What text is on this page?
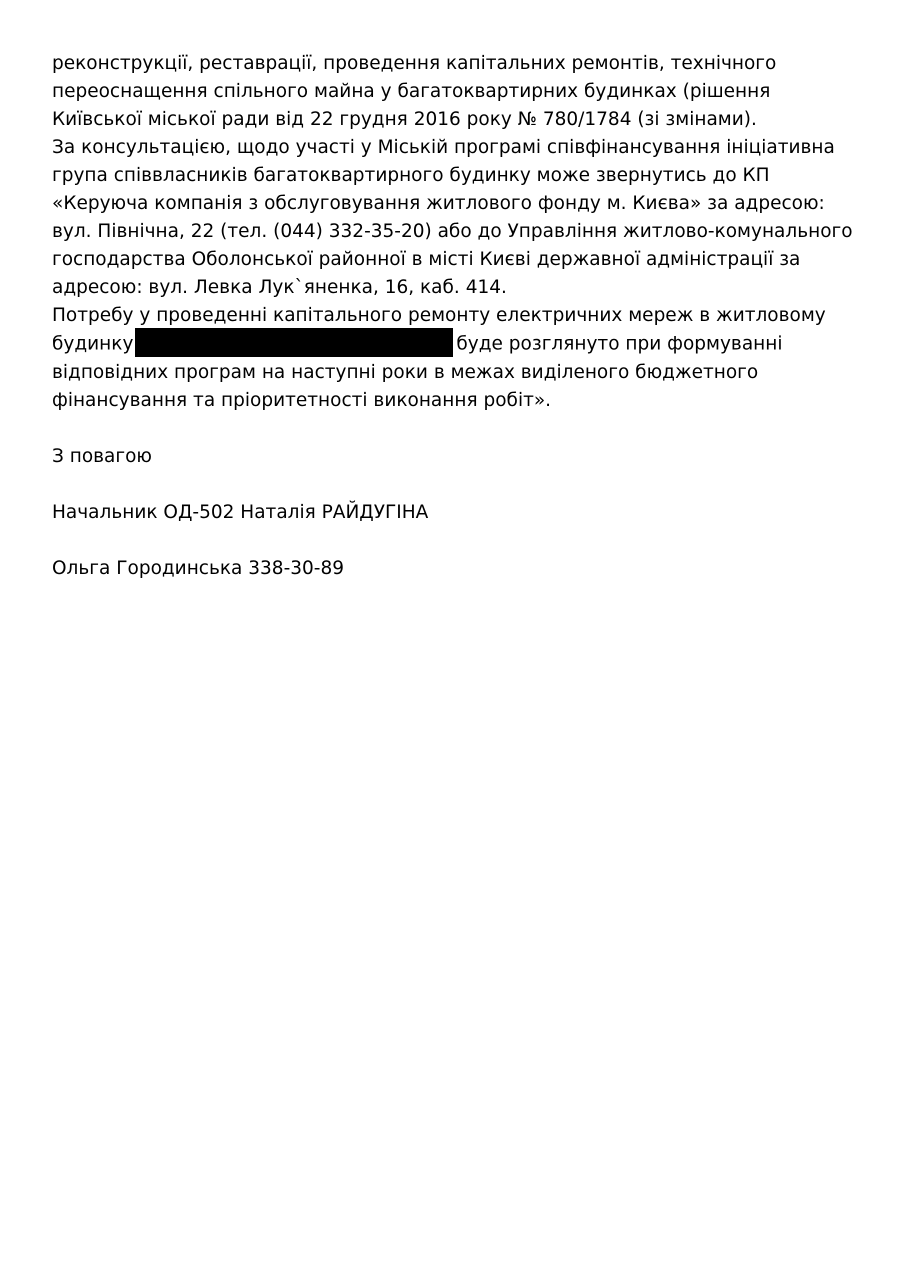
реконструкції, реставрації, проведення капітальних ремонтів, технічного
переоснащення спільного майна у багатоквартирних будинках (рішення
Київської міської ради від 22 грудня 2016 року № 780/1784 (зі змінами).
За консультацією, щодо участі у Міській програмі співфінансування ініціативна
група співвласників багатоквартирного будинку може звернутись до КП
«Керуюча компанія з обслуговування житлового фонду м. Києва» за адресою:
вул. Північна, 22 (тел. (044) 332-35-20) або до Управління житлово-комунального
господарства Оболонської районної в місті Києві державної адміністрації за
адресою: вул. Левка Лук`яненка, 16, каб. 414.
Потребу у проведенні капітального ремонту електричних мереж в житловому
будинку	буде розглянуто при формуванні
відповідних програм на наступні роки в межах виділеного бюджетного
фінансування та пріоритетності виконання робіт».
З повагою
Начальник ОД-502 Наталія РАЙДУГІНА
Ольга Городинська 338-30-89
